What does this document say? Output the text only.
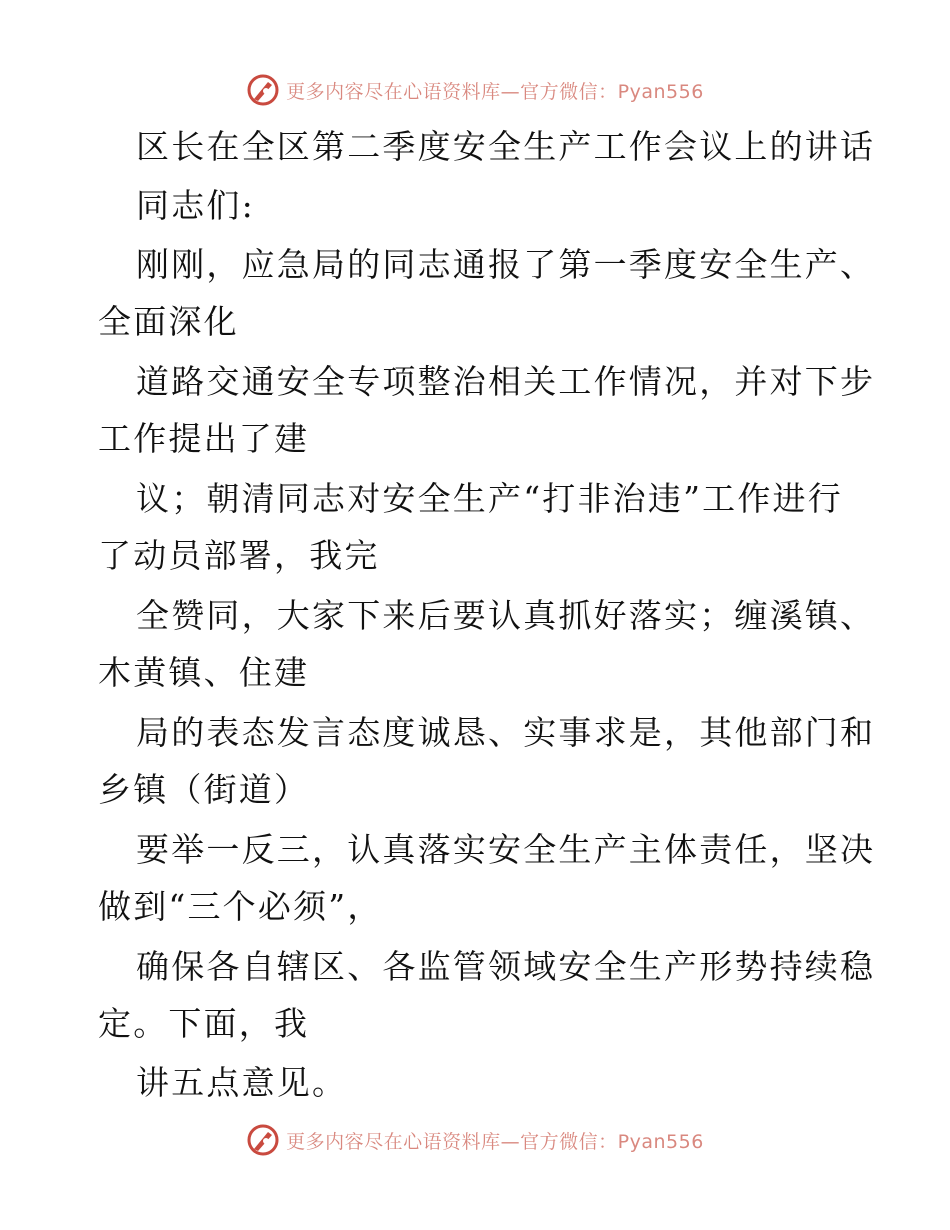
更多内容尽在心语资料库—官方微信：Pyan556
区长在全区第二季度安全生产工作会议上的讲话
同志们:
刚刚，应急局的同志通报了第一季度安全生产、
全面深化
道路交通安全专项整治相关工作情况，并对下步
工作提出了建
议；朝清同志对安全生产“打非治违”工作进行
了动员部署，我完
全赞同，大家下来后要认真抓好落实；缠溪镇、
木黄镇、住建
局的表态发言态度诚恳、实事求是，其他部门和
乡镇（街道）
要举一反三，认真落实安全生产主体责任，坚决
做到“三个必须”，
确保各自辖区、各监管领域安全生产形势持续稳
定。下面，我
讲五点意见。
更多内容尽在心语资料库—官方微信：Pyan556
